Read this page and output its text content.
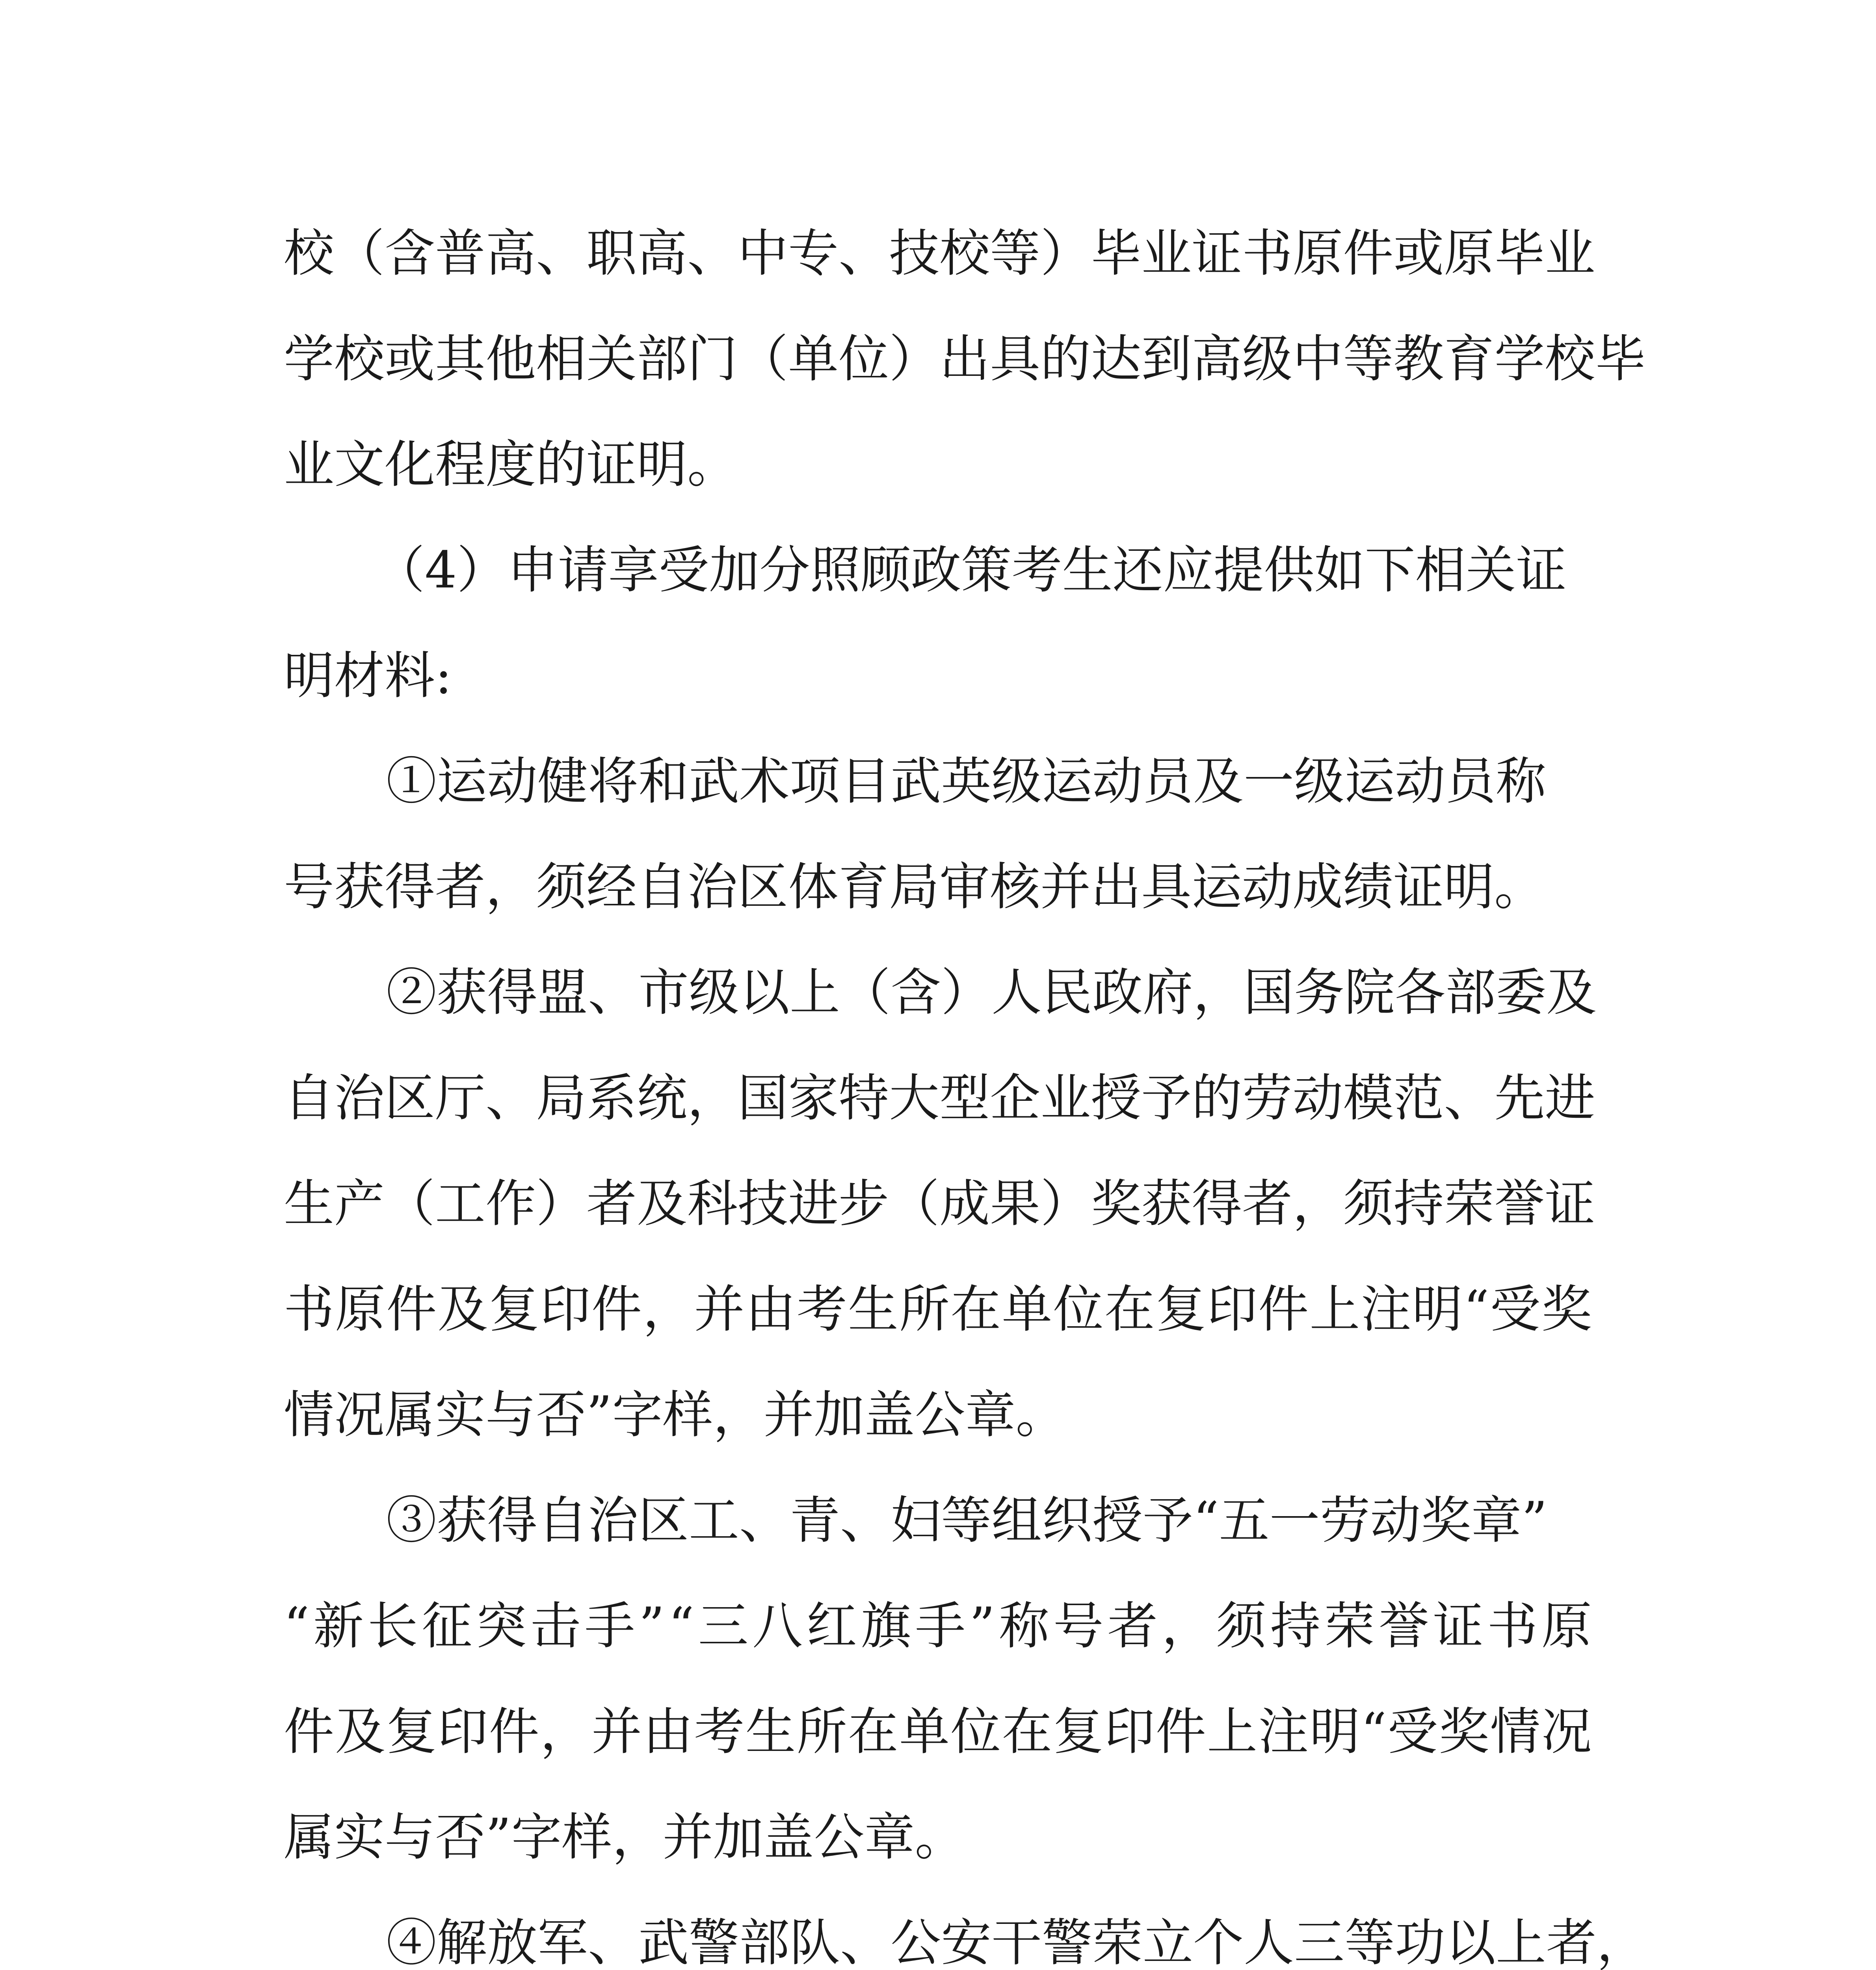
校 （ 含 普 高 、 职 高 、 中 专 、 技 校 等 ） 毕 业 证 书 原 件 或 原 毕 业
学 校 或 其 他 相 关 部 门 （ 单 位 ） 出 具 的 达 到 高 级 中 等 教 育 学 校 毕
业文化程度的证明。
（4）申请享受加分照顾政策考生还应提供如下相关证
明材料:
①运动健将和武术项目武英级运动员及一级运动员称
号获得者，须经自治区体育局审核并出具运动成绩证明。
②获得盟、市级以上（含）人民政府，国务院各部委及
自 治 区 厅 、 局 系 统 ， 国 家 特 大 型 企 业 授 予 的 劳 动 模 范 、 先 进
生 产 （ 工 作 ） 者 及 科 技 进 步 （ 成 果 ） 奖 获 得 者 ， 须 持 荣 誉 证
书 原 件 及 复 印 件 ， 并 由 考 生 所 在 单 位 在 复 印 件 上 注 明 “ 受 奖
情况属实与否”字样，并加盖公章。
③获得自治区工、青、妇等组织授予“五一劳动奖章”
“ 新 长 征 突 击 手 ” “ 三 八 红 旗 手 ” 称 号 者 ， 须 持 荣 誉 证 书 原
件 及 复 印 件 ， 并 由 考 生 所 在 单 位 在 复 印 件 上 注 明 “ 受 奖 情 况
属实与否”字样，并加盖公章。
④解放军、武警部队、公安干警荣立个人三等功以上者，
